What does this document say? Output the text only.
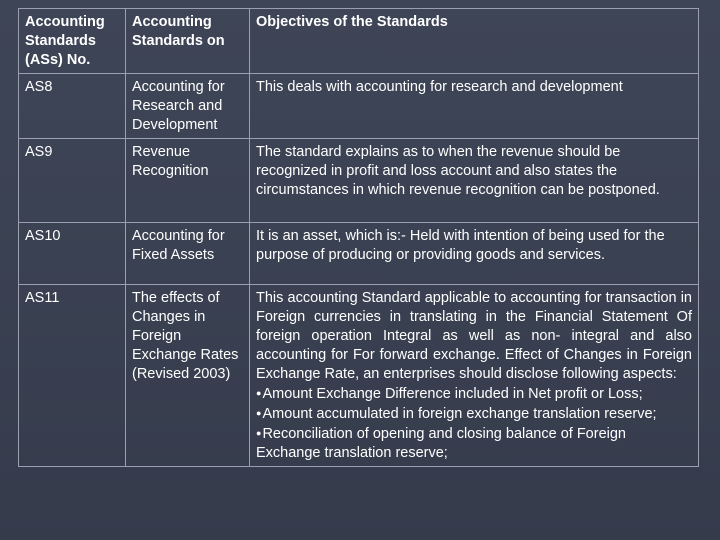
Accounting Standards (ASs) No.	Accounting Standards on	Objectives of the Standards
AS8	Accounting for Research and Development	This deals with accounting for research and development
AS9	Revenue Recognition	The standard explains as to when the revenue should be recognized in profit and loss account and also states the circumstances in which revenue recognition can be postponed.
AS10	Accounting for Fixed Assets	It is an asset, which is:- Held with intention of being used for the purpose of producing or providing goods and services.
AS11	The effects of Changes in Foreign Exchange Rates (Revised 2003)	This accounting Standard applicable to accounting for transaction in Foreign currencies in translating in the Financial Statement Of foreign operation Integral as well as non- integral and also accounting for For forward exchange. Effect of Changes in Foreign Exchange Rate, an enterprises should disclose following aspects:
●Amount Exchange Difference included in Net profit or Loss;
●Amount accumulated in foreign exchange translation reserve;
●Reconciliation of opening and closing balance of Foreign Exchange translation reserve;
